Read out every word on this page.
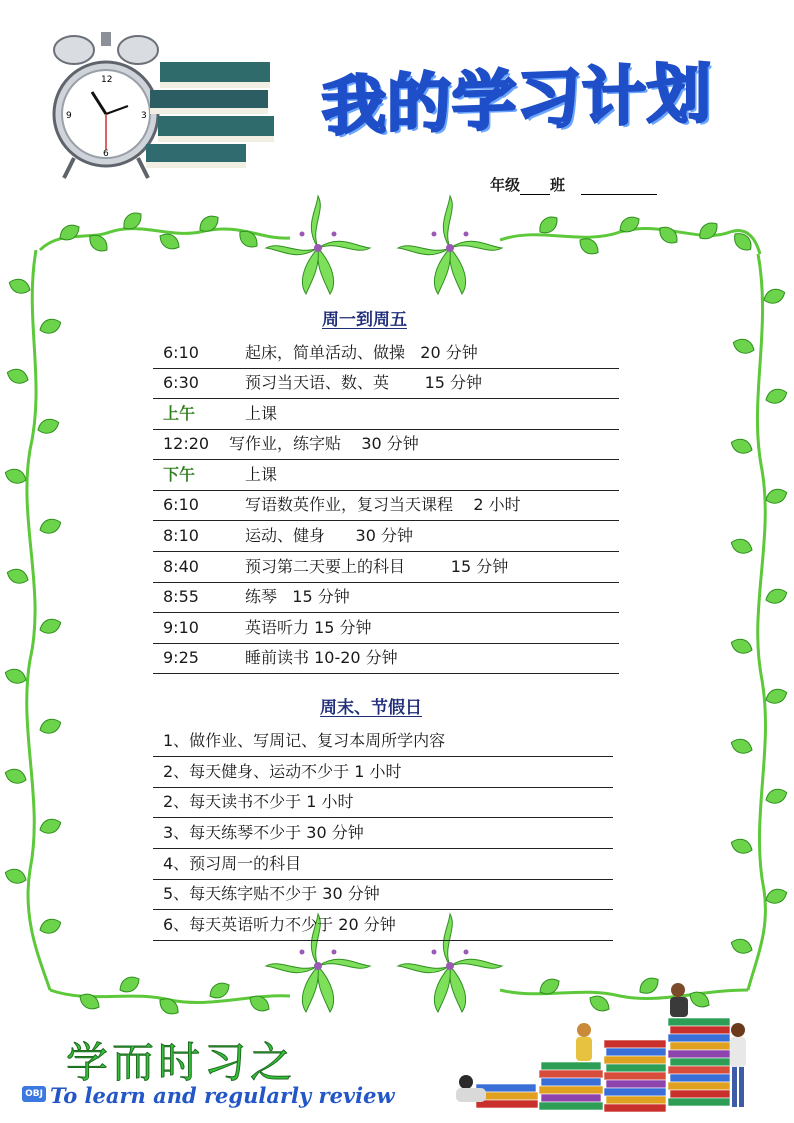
12
3
6
9	我的学习计划
年级 班
周一到周五
6:10	起床，简单活动、做操   20 分钟
6:30	预习当天语、数、英       15 分钟
上午	上课
12:20 写作业，练字贴    30 分钟
下午	上课
6:10	写语数英作业，复习当天课程    2 小时
8:10	运动、健身      30 分钟
8:40	预习第二天要上的科目         15 分钟
8:55	练琴   15 分钟
9:10	英语听力 15 分钟
9:25	睡前读书 10-20 分钟
周末、节假日
1、做作业、写周记、复习本周所学内容
2、每天健身、运动不少于 1 小时
2、每天读书不少于 1 小时
3、每天练琴不少于 30 分钟
4、预习周一的科目
5、每天练字贴不少于 30 分钟
6、每天英语听力不少于 20 分钟
学而时习之
OBJ To learn and regularly review
